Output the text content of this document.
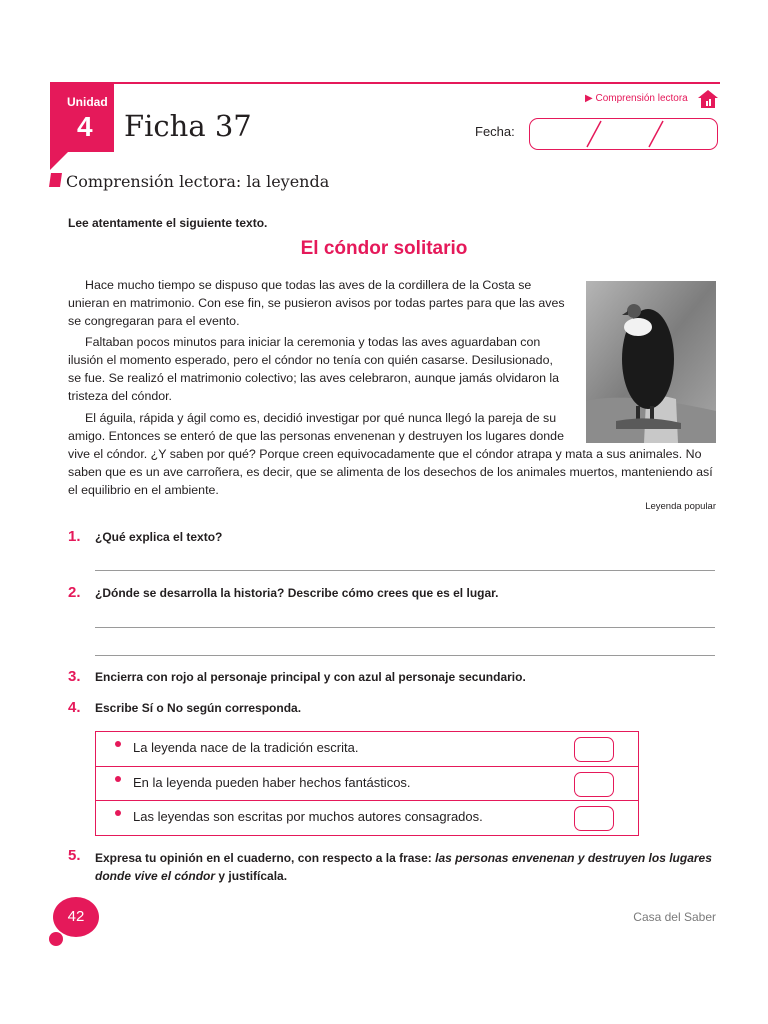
Unidad
4 Ficha 37
▶ Comprensión lectora
Fecha:
Comprensión lectora: la leyenda
Lee atentamente el siguiente texto.
El cóndor solitario
Hace mucho tiempo se dispuso que todas las aves de la cordillera de la Costa se unieran en matrimonio. Con ese fin, se pusieron avisos por todas partes para que las aves se congregaran para el evento.
Faltaban pocos minutos para iniciar la ceremonia y todas las aves aguardaban con ilusión el momento esperado, pero el cóndor no tenía con quién casarse. Desilusionado, se fue. Se realizó el matrimonio colectivo; las aves celebraron, aunque jamás olvidaron la tristeza del cóndor.
El águila, rápida y ágil como es, decidió investigar por qué nunca llegó la pareja de su amigo. Entonces se enteró de que las personas envenenan y destruyen los lugares donde vive el cóndor. ¿Y saben por qué? Porque creen equivocadamente que el cóndor atrapa y mata a sus animales. No saben que es un ave carroñera, es decir, que se alimenta de los desechos de los animales muertos, manteniendo así el equilibrio en el ambiente.
Leyenda popular
1. ¿Qué explica el texto?
2. ¿Dónde se desarrolla la historia? Describe cómo crees que es el lugar.
3. Encierra con rojo al personaje principal y con azul al personaje secundario.
4. Escribe Sí o No según corresponda.
La leyenda nace de la tradición escrita.
En la leyenda pueden haber hechos fantásticos.
Las leyendas son escritas por muchos autores consagrados.
5. Expresa tu opinión en el cuaderno, con respecto a la frase: las personas envenenan y destruyen los lugares donde vive el cóndor y justifícala.
42	Casa del Saber
